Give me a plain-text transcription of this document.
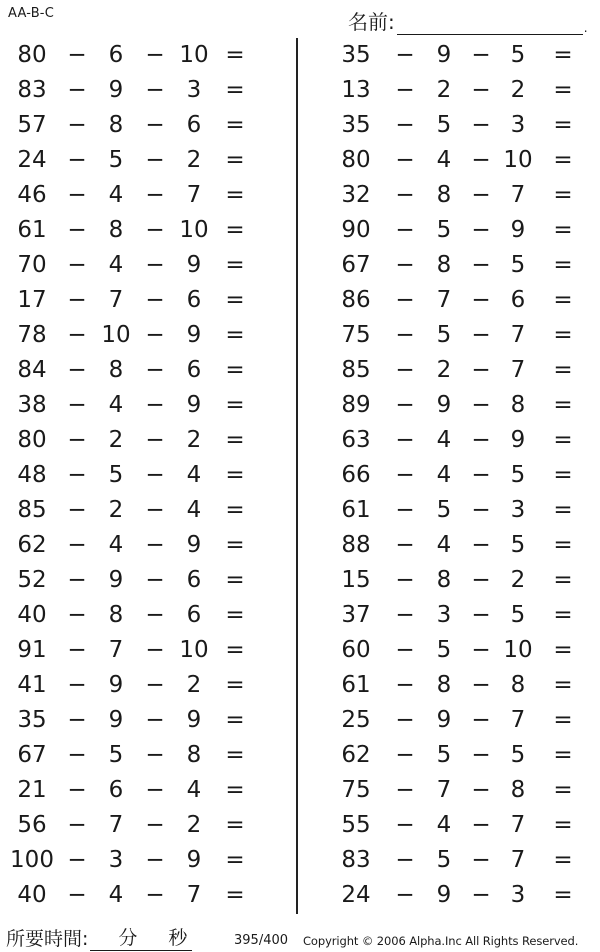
AA-B-C	名前:	.
80 − 6 − 10 =
83 − 9 − 3	=
57 − 8 − 6	=
24 − 5 − 2	=
46 − 4 − 7	=
61 − 8 − 10 =
70 − 4 − 9	=
17 − 7 − 6	=
78 − 10 − 9	=
84 − 8 − 6	=
38 − 4 − 9	=
80 − 2 − 2	=
48 − 5 − 4	=
85 − 2 − 4	=
62 − 4 − 9	=
52 − 9 − 6	=
40 − 8 − 6	=
91 − 7 − 10 =
41 − 9 − 2	=
35 − 9 − 9	=
67 − 5 − 8	=
21 − 6 − 4	=
56 − 7 − 2	=
100 − 3 − 9	=
40 − 4 − 7	=
35	− 9 − 5	=
13	− 2 − 2	=
35	− 5 − 3	=
80	− 4 − 10 =
32	− 8 − 7	=
90	− 5 − 9	=
67	− 8 − 5	=
86	− 7 − 6	=
75	− 5 − 7	=
85	− 2 − 7	=
89	− 9 − 8	=
63	− 4 − 9	=
66	− 4 − 5	=
61	− 5 − 3	=
88	− 4 − 5	=
15	− 8 − 2	=
37	− 3 − 5	=
60	− 5 − 10 =
61	− 8 − 8	=
25	− 9 − 7	=
62	− 5 − 5	=
75	− 7 − 8	=
55	− 4 − 7	=
83	− 5 − 7	=
24	− 9 − 3	=
所要時間: 分 秒	395/400 Copyright © 2006 Alpha.Inc All Rights Reserved.
